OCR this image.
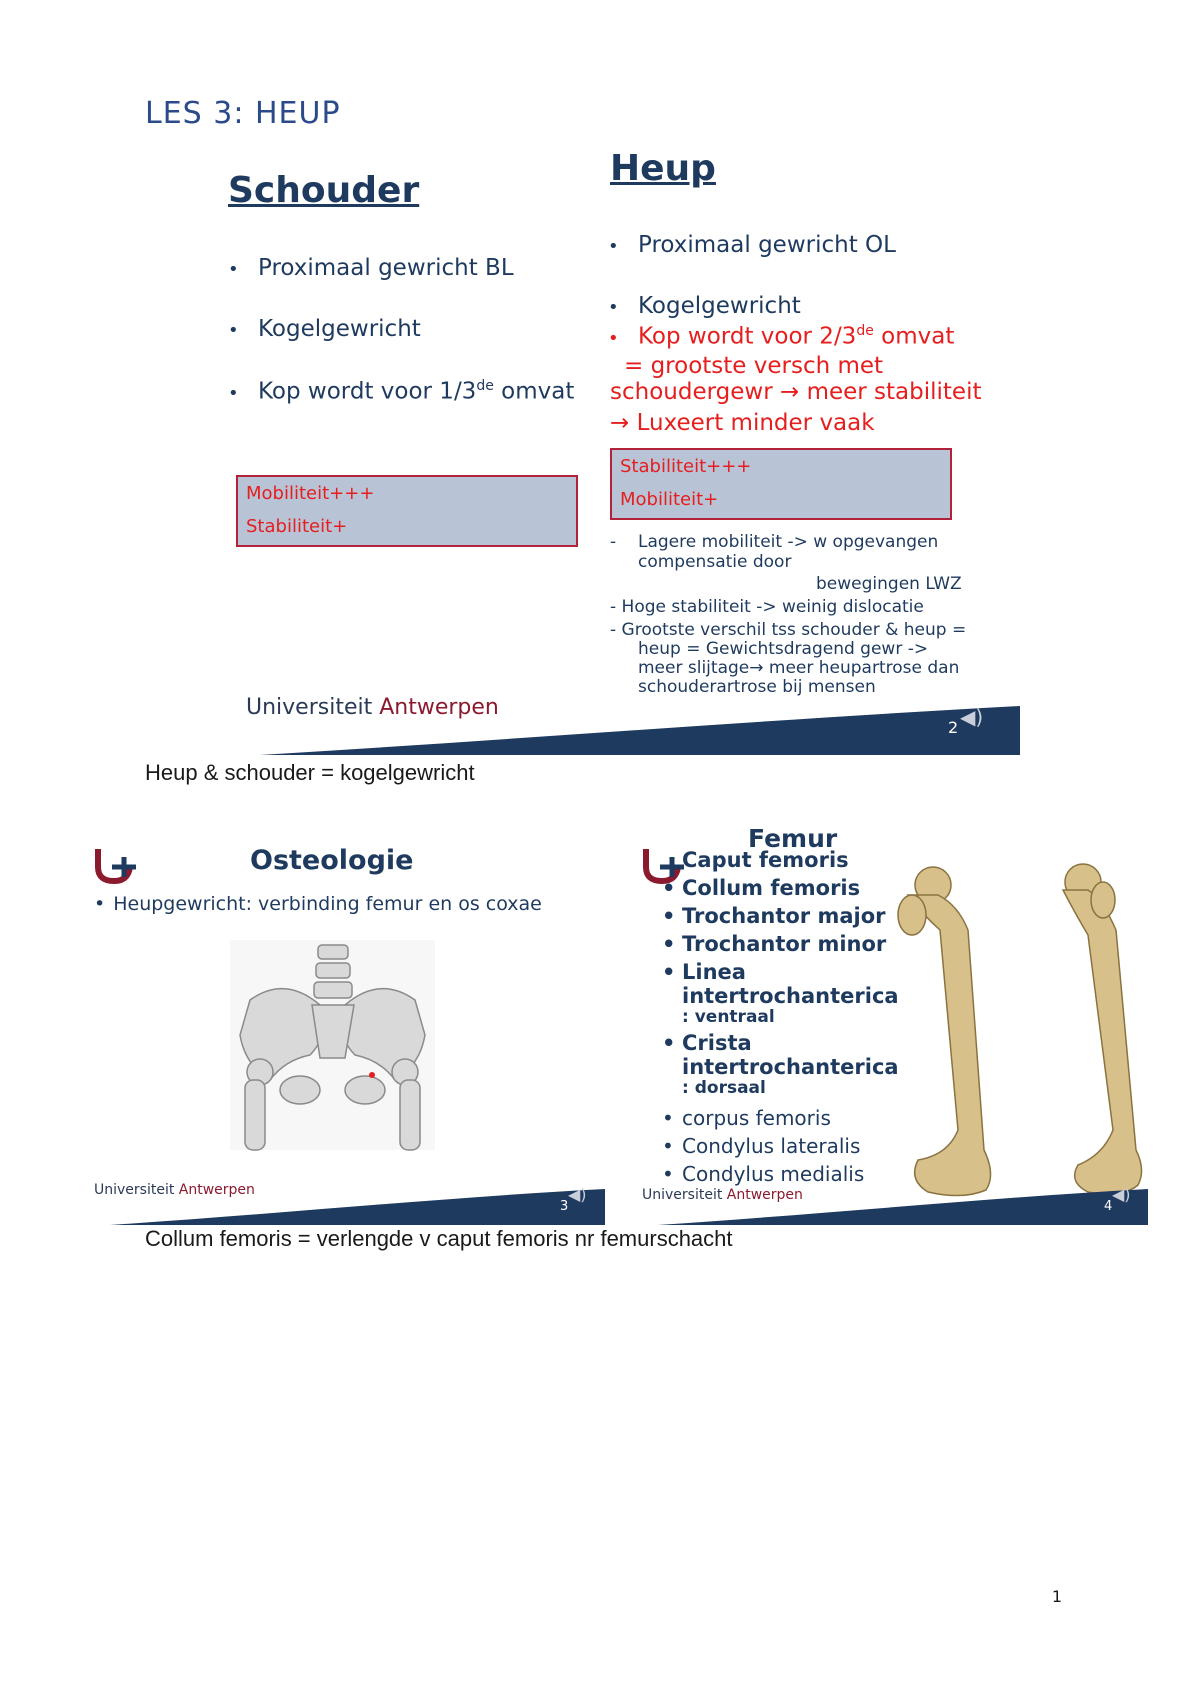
LES 3: HEUP
Schouder
• Proximaal gewricht BL
• Kogelgewricht
• Kop wordt voor 1/3de omvat
Mobiliteit+++
Stabiliteit+
Heup
• Proximaal gewricht OL
• Kogelgewricht
• Kop wordt voor 2/3de omvat
= grootste versch met
schoudergewr → meer stabiliteit
→ Luxeert minder vaak
Stabiliteit+++
Mobiliteit+
- Lagere mobiliteit -> w opgevangen
compensatie door
bewegingen LWZ
- Hoge stabiliteit -> weinig dislocatie
- Grootste verschil tss schouder & heup =
heup = Gewichtsdragend gewr ->
meer slijtage→ meer heupartrose dan
schouderartrose bij mensen
Universiteit Antwerpen
2 ◀)
Heup & schouder = kogelgewricht
Osteologie
• Heupgewricht: verbinding femur en os coxae
Universiteit Antwerpen
3
◀)
Femur
Caput femoris
• Collum femoris
• Trochantor major
• Trochantor minor
• Linea
intertrochanterica
: ventraal
• Crista
intertrochanterica
: dorsaal
• corpus femoris
• Condylus lateralis
• Condylus medialis
Universiteit Antwerpen
4
◀)
Collum femoris = verlengde v caput femoris nr femurschacht
1
